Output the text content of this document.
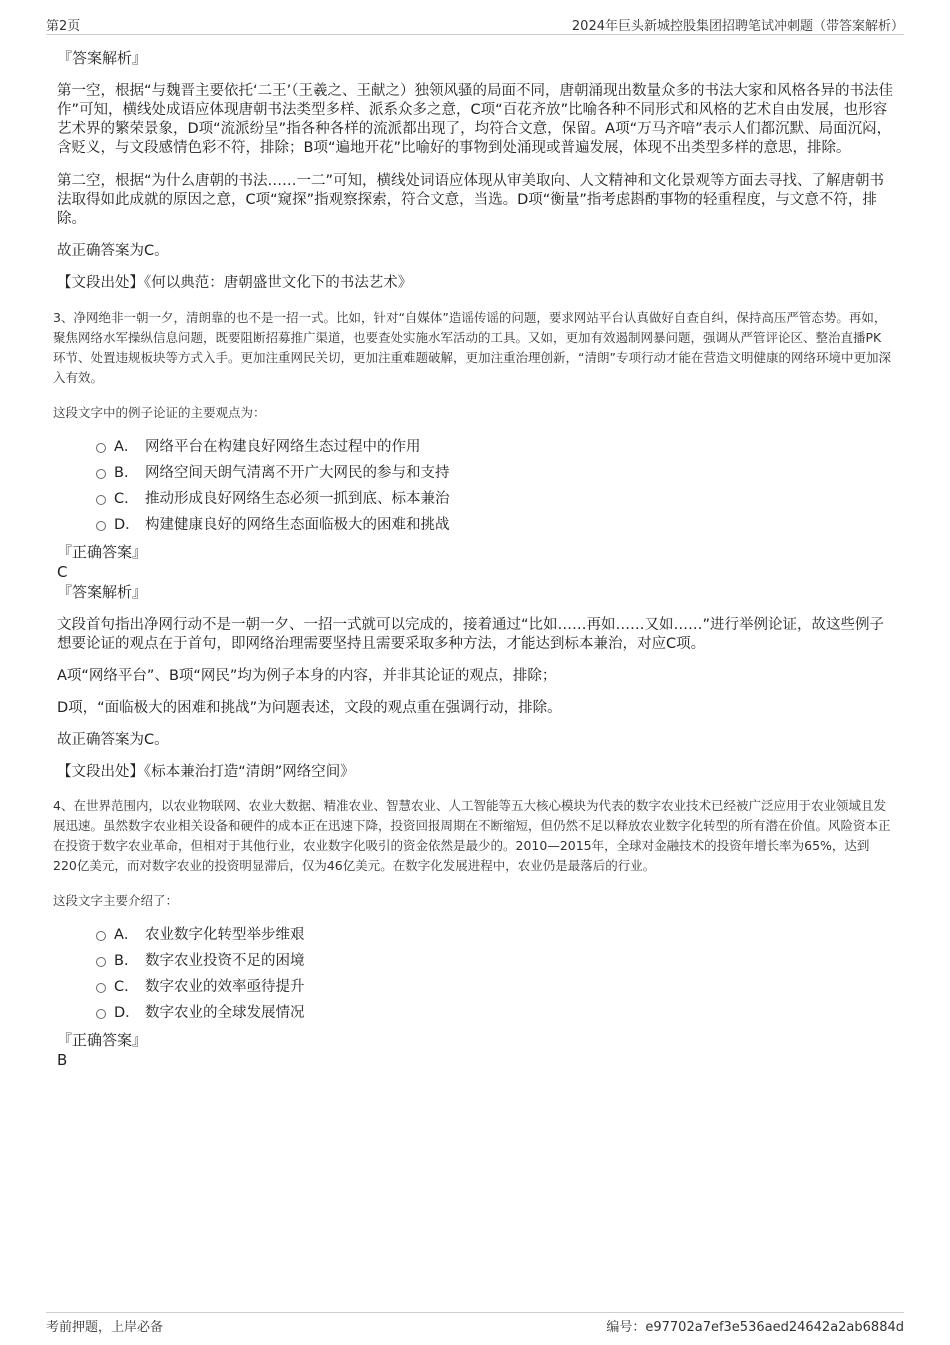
第2页	2024年巨头新城控股集团招聘笔试冲刺题（带答案解析）
『答案解析』

第一空，根据“与魏晋主要依托‘二王’（王羲之、王献之）独领风骚的局面不同，唐朝涌现出数量众多的书法大家和风格各异的书法佳作”可知，横线处成语应体现唐朝书法类型多样、派系众多之意，C项“百花齐放”比喻各种不同形式和风格的艺术自由发展，也形容艺术界的繁荣景象，D项“流派纷呈”指各种各样的流派都出现了，均符合文意，保留。A项“万马齐喑”表示人们都沉默、局面沉闷，含贬义，与文段感情色彩不符，排除；B项“遍地开花”比喻好的事物到处涌现或普遍发展，体现不出类型多样的意思，排除。

第二空，根据“为什么唐朝的书法……一二”可知，横线处词语应体现从审美取向、人文精神和文化景观等方面去寻找、了解唐朝书法取得如此成就的原因之意，C项“窥探”指观察探索，符合文意，当选。D项“衡量”指考虑斟酌事物的轻重程度，与文意不符，排除。

故正确答案为C。

【文段出处】《何以典范：唐朝盛世文化下的书法艺术》

3、净网绝非一朝一夕，清朗靠的也不是一招一式。比如，针对“自媒体”造谣传谣的问题，要求网站平台认真做好自查自纠，保持高压严管态势。再如，聚焦网络水军操纵信息问题，既要阻断招募推广渠道，也要查处实施水军活动的工具。又如，更加有效遏制网暴问题，强调从严管评论区、整治直播PK环节、处置违规板块等方式入手。更加注重网民关切，更加注重难题破解，更加注重治理创新，“清朗”专项行动才能在营造文明健康的网络环境中更加深入有效。

这段文字中的例子论证的主要观点为：

A． 网络平台在构建良好网络生态过程中的作用
B． 网络空间天朗气清离不开广大网民的参与和支持
C． 推动形成良好网络生态必须一抓到底、标本兼治
D． 构建健康良好的网络生态面临极大的困难和挑战
『正确答案』
C
『答案解析』

文段首句指出净网行动不是一朝一夕、一招一式就可以完成的，接着通过“比如……再如……又如……”进行举例论证，故这些例子想要论证的观点在于首句，即网络治理需要坚持且需要采取多种方法，才能达到标本兼治，对应C项。

A项“网络平台”、B项“网民”均为例子本身的内容，并非其论证的观点，排除；

D项，“面临极大的困难和挑战”为问题表述，文段的观点重在强调行动，排除。

故正确答案为C。

【文段出处】《标本兼治打造“清朗”网络空间》

4、在世界范围内，以农业物联网、农业大数据、精准农业、智慧农业、人工智能等五大核心模块为代表的数字农业技术已经被广泛应用于农业领域且发展迅速。虽然数字农业相关设备和硬件的成本正在迅速下降，投资回报周期在不断缩短，但仍然不足以释放农业数字化转型的所有潜在价值。风险资本正在投资于数字农业革命，但相对于其他行业，农业数字化吸引的资金依然是最少的。2010—2015年，全球对金融技术的投资年增长率为65%，达到220亿美元，而对数字农业的投资明显滞后，仅为46亿美元。在数字化发展进程中，农业仍是最落后的行业。

这段文字主要介绍了：

A． 农业数字化转型举步维艰
B． 数字农业投资不足的困境
C． 数字农业的效率亟待提升
D． 数字农业的全球发展情况
『正确答案』
B
考前押题，上岸必备	编号：e97702a7ef3e536aed24642a2ab6884d
